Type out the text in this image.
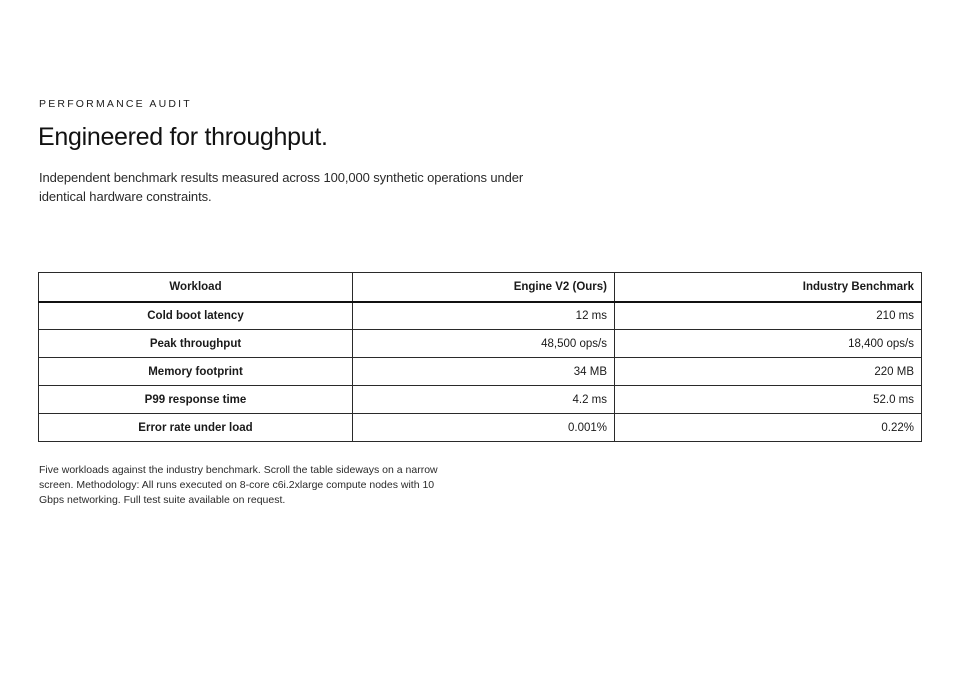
PERFORMANCE AUDIT
Engineered for throughput.

Independent benchmark results measured across 100,000 synthetic operations under identical hardware constraints.

Workload	Engine V2 (Ours)	Industry Benchmark
Cold boot latency	12 ms	210 ms
Peak throughput	48,500 ops/s	18,400 ops/s
Memory footprint	34 MB	220 MB
P99 response time	4.2 ms	52.0 ms
Error rate under load	0.001%	0.22%

Five workloads against the industry benchmark. Scroll the table sideways on a narrow screen. Methodology: All runs executed on 8-core c6i.2xlarge compute nodes with 10 Gbps networking. Full test suite available on request.
